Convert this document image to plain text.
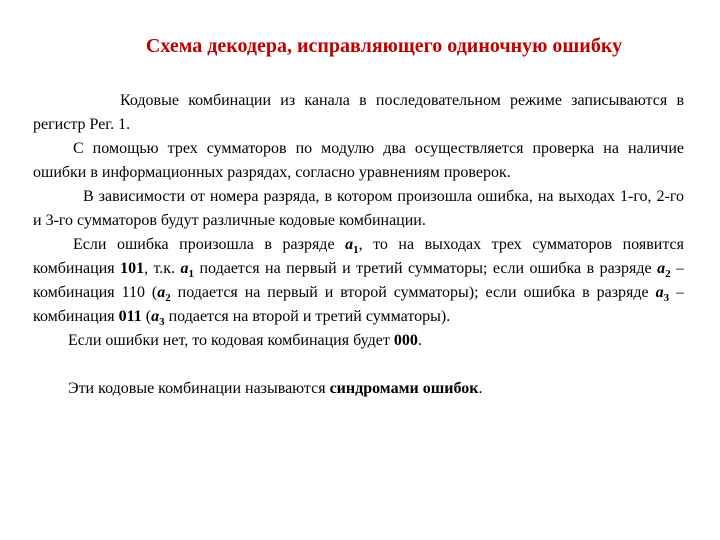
Схема декодера, исправляющего одиночную ошибку

Кодовые комбинации из канала в последовательном режиме записываются в регистр Рег. 1.

С помощью трех сумматоров по модулю два осуществляется проверка на наличие ошибки в информационных разрядах, согласно уравнениям проверок.

В зависимости от номера разряда, в котором произошла ошибка, на выходах 1-го, 2-го и 3-го сумматоров будут различные кодовые комбинации.

Если ошибка произошла в разряде $a_1$, то на выходах трех сумматоров появится комбинация 101, т.к. $a_1$ подается на первый и третий сумматоры; если ошибка в разряде $a_2$ – комбинация 110 ($a_2$ подается на первый и второй сумматоры); если ошибка в разряде $a_3$ – комбинация 011 ($a_3$ подается на второй и третий сумматоры).

Если ошибки нет, то кодовая комбинация будет 000.

Эти кодовые комбинации называются синдромами ошибок.
